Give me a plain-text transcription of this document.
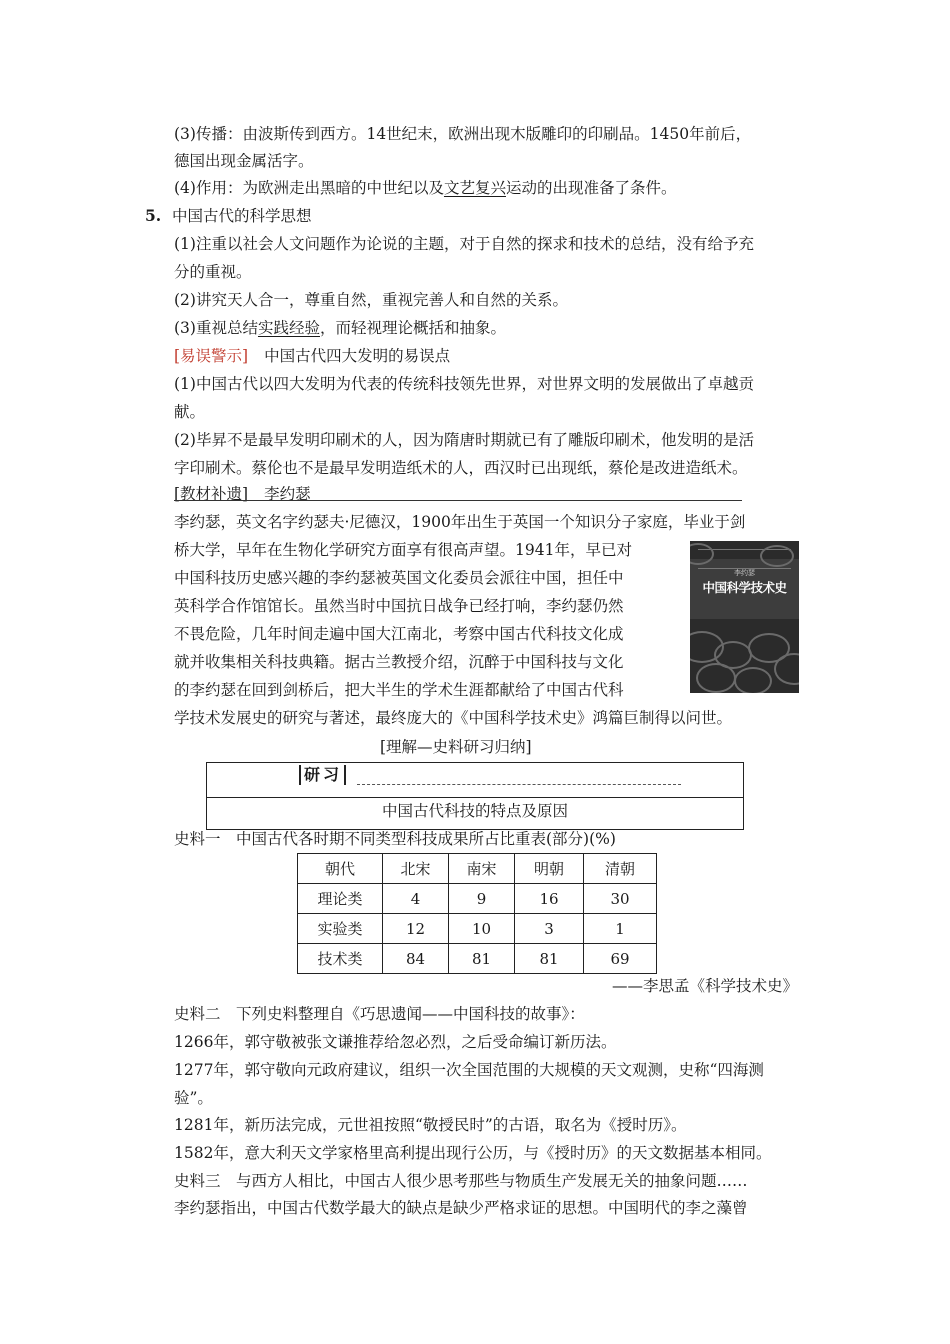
(3)传播：由波斯传到西方。14世纪末，欧洲出现木版雕印的印刷品。1450年前后，
德国出现金属活字。
(4)作用：为欧洲走出黑暗的中世纪以及文艺复兴运动的出现准备了条件。
5. 中国古代的科学思想
(1)注重以社会人文问题作为论说的主题，对于自然的探求和技术的总结，没有给予充
分的重视。
(2)讲究天人合一，尊重自然，重视完善人和自然的关系。
(3)重视总结实践经验，而轻视理论概括和抽象。
[易误警示] 中国古代四大发明的易误点
(1)中国古代以四大发明为代表的传统科技领先世界，对世界文明的发展做出了卓越贡
献。
(2)毕昇不是最早发明印刷术的人，因为隋唐时期就已有了雕版印刷术，他发明的是活
字印刷术。蔡伦也不是最早发明造纸术的人，西汉时已出现纸，蔡伦是改进造纸术。
[教材补遗] 李约瑟
李约瑟，英文名字约瑟夫·尼德汉，1900年出生于英国一个知识分子家庭，毕业于剑
桥大学，早年在生物化学研究方面享有很高声望。1941年，早已对
中国科技历史感兴趣的李约瑟被英国文化委员会派往中国，担任中
英科学合作馆馆长。虽然当时中国抗日战争已经打响，李约瑟仍然
不畏危险，几年时间走遍中国大江南北，考察中国古代科技文化成
就并收集相关科技典籍。据古兰教授介绍，沉醉于中国科技与文化
的李约瑟在回到剑桥后，把大半生的学术生涯都献给了中国古代科
学技术发展史的研究与著述，最终庞大的《中国科学技术史》鸿篇巨制得以问世。
李约瑟
中国科学技术史
[理解—史料研习归纳]
研习
中国古代科技的特点及原因
史料一　中国古代各时期不同类型科技成果所占比重表(部分)(%)
朝代	北宋	南宋	明朝	清朝
理论类	4	9	16	30
实验类	12	10	3	1
技术类	84	81	81	69
——李思孟《科学技术史》
史料二　下列史料整理自《巧思遗闻——中国科技的故事》：
1266年，郭守敬被张文谦推荐给忽必烈，之后受命编订新历法。
1277年，郭守敬向元政府建议，组织一次全国范围的大规模的天文观测，史称“四海测
验”。
1281年，新历法完成，元世祖按照“敬授民时”的古语，取名为《授时历》。
1582年，意大利天文学家格里高利提出现行公历，与《授时历》的天文数据基本相同。
史料三　与西方人相比，中国古人很少思考那些与物质生产发展无关的抽象问题……
李约瑟指出，中国古代数学最大的缺点是缺少严格求证的思想。中国明代的李之藻曾
